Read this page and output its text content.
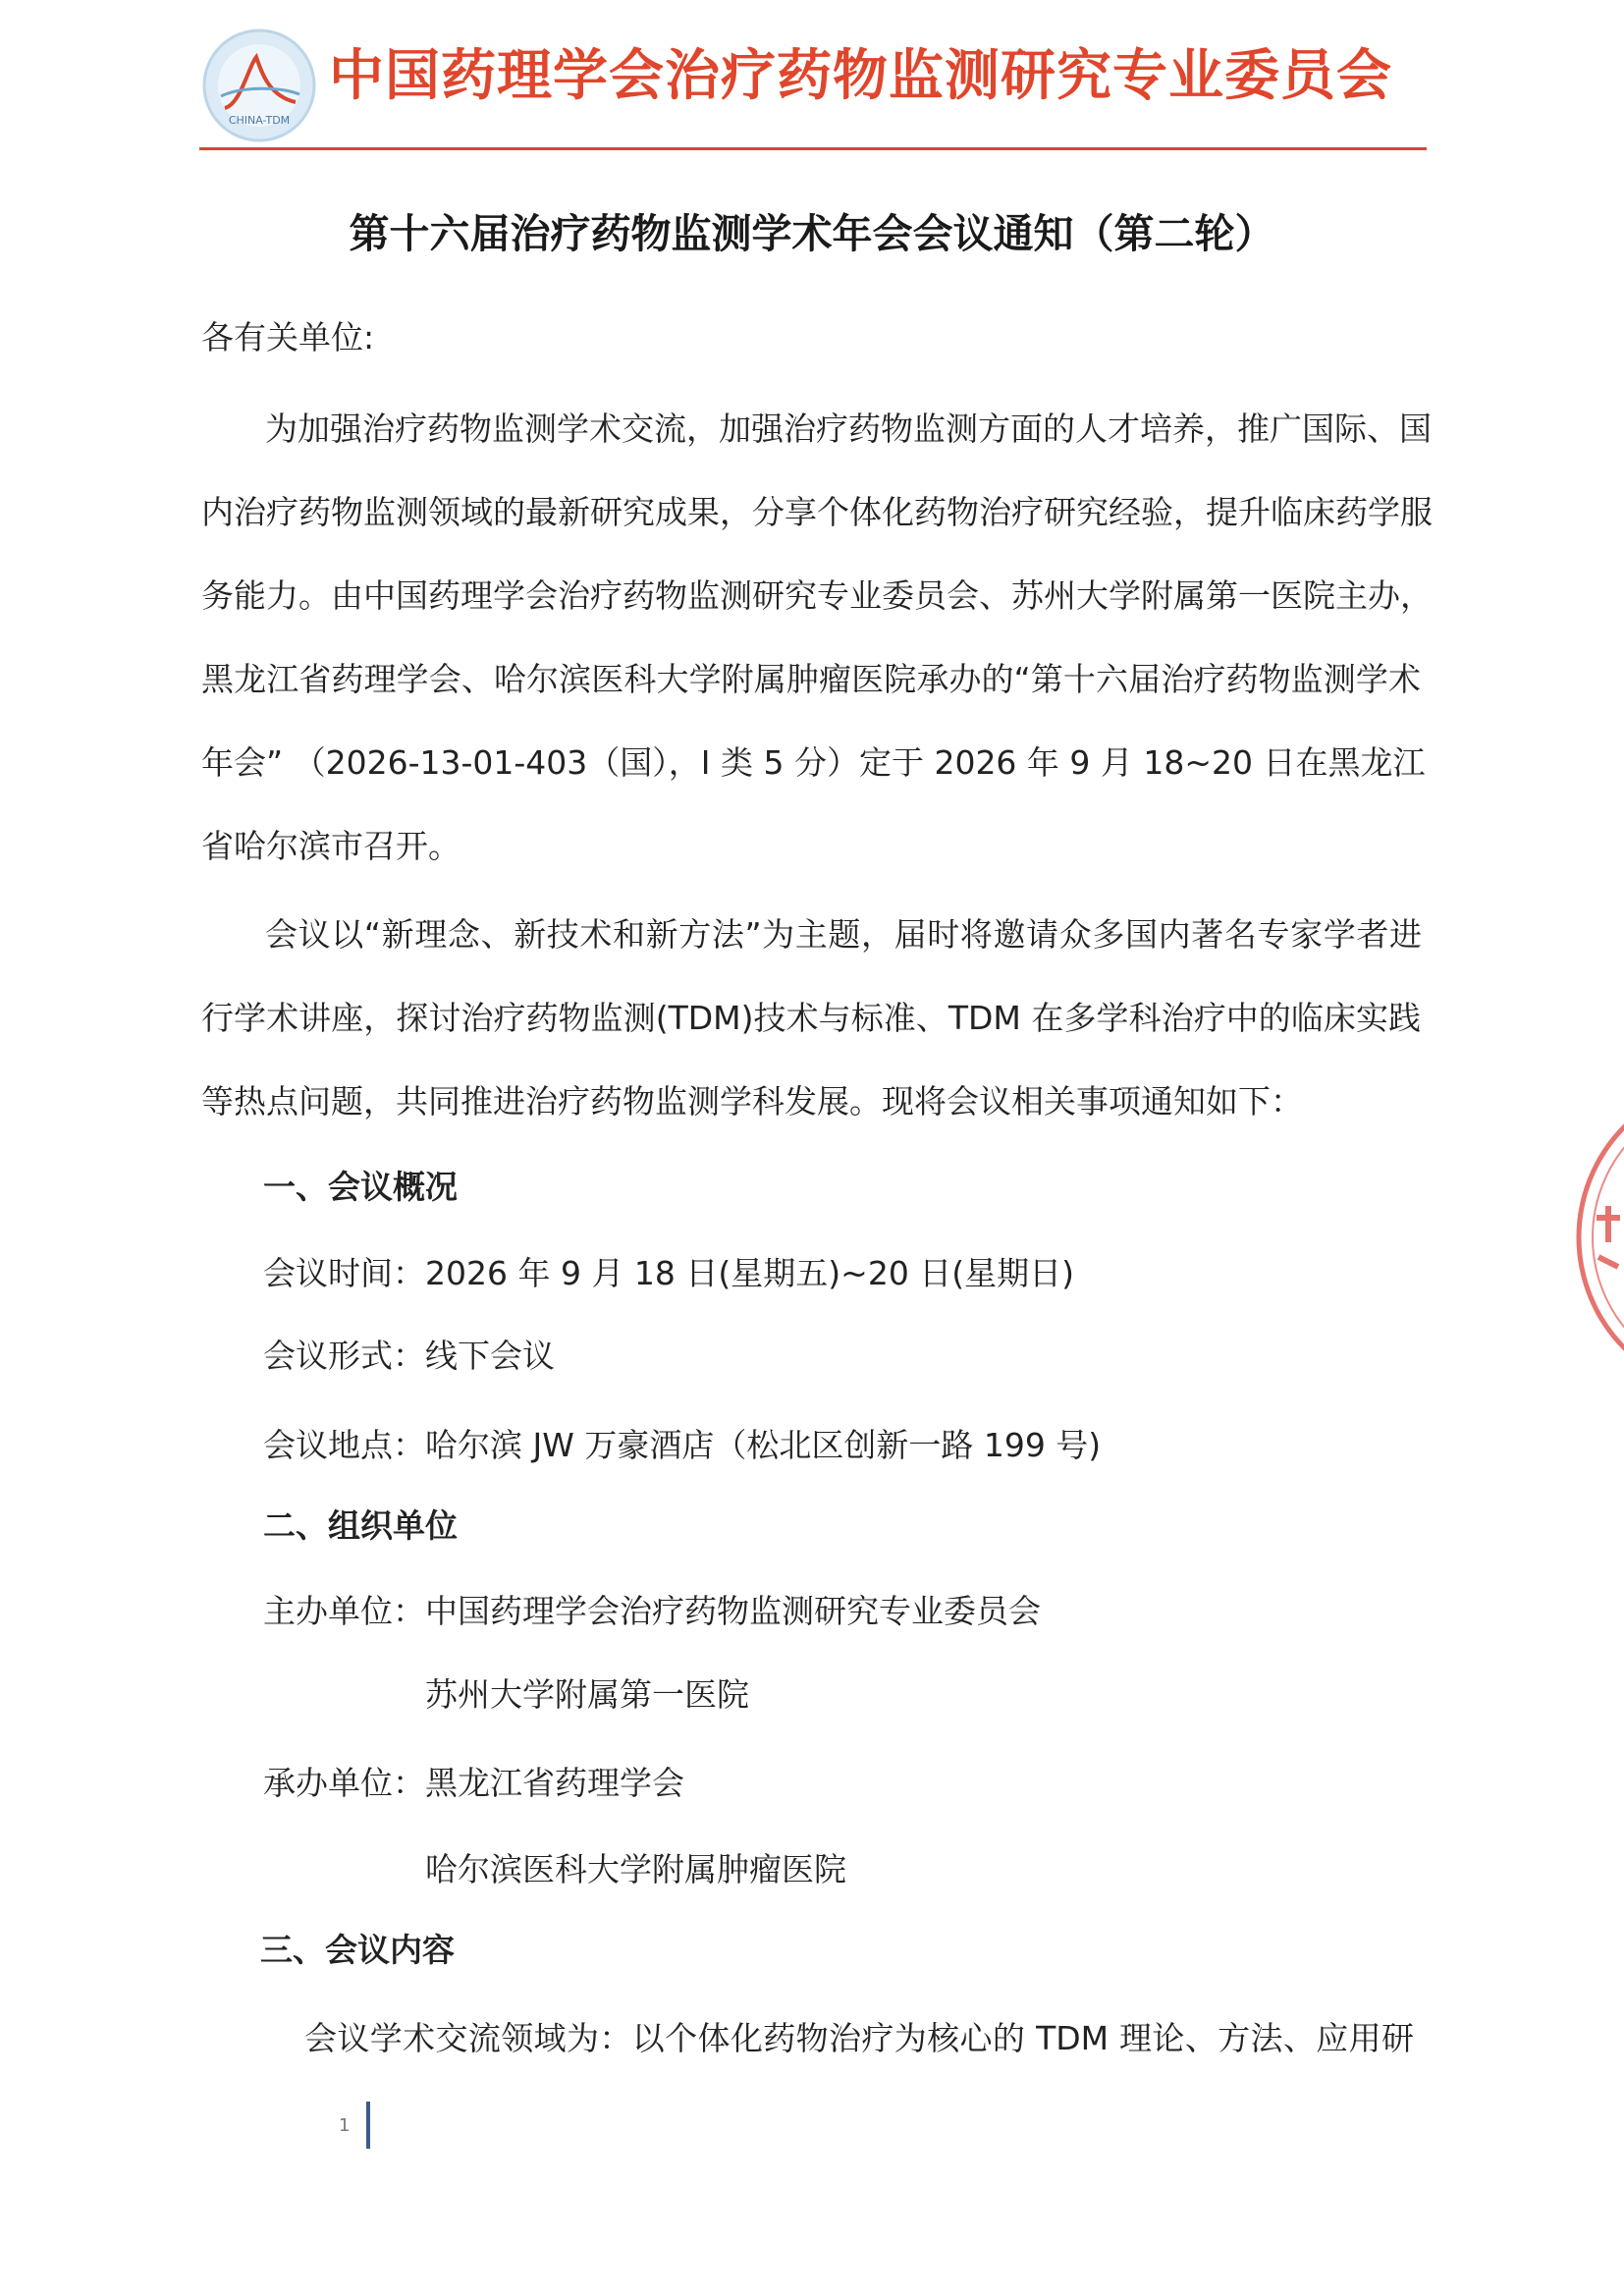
CHINA-TDM
中国药理学会治疗药物监测研究专业委员会
第十六届治疗药物监测学术年会会议通知（第二轮）
各有关单位:
为加强治疗药物监测学术交流，加强治疗药物监测方面的人才培养，推广国际、国
内治疗药物监测领域的最新研究成果，分享个体化药物治疗研究经验，提升临床药学服
务能力。由中国药理学会治疗药物监测研究专业委员会、苏州大学附属第一医院主办，
黑龙江省药理学会、哈尔滨医科大学附属肿瘤医院承办的“第十六届治疗药物监测学术
年会” （2026-13-01-403（国），I 类 5 分）定于 2026 年 9 月 18~20 日在黑龙江
省哈尔滨市召开。
会议以“新理念、新技术和新方法”为主题，届时将邀请众多国内著名专家学者进
行学术讲座，探讨治疗药物监测(TDM)技术与标准、TDM 在多学科治疗中的临床实践
等热点问题，共同推进治疗药物监测学科发展。现将会议相关事项通知如下：
一、会议概况
会议时间：2026 年 9 月 18 日(星期五)~20 日(星期日)
会议形式：线下会议
会议地点：哈尔滨 JW 万豪酒店（松北区创新一路 199 号)
二、组织单位
主办单位： 中国药理学会治疗药物监测研究专业委员会
苏州大学附属第一医院
承办单位： 黑龙江省药理学会
哈尔滨医科大学附属肿瘤医院
三、会议内容
会议学术交流领域为：以个体化药物治疗为核心的 TDM 理论、方法、应用研
1
